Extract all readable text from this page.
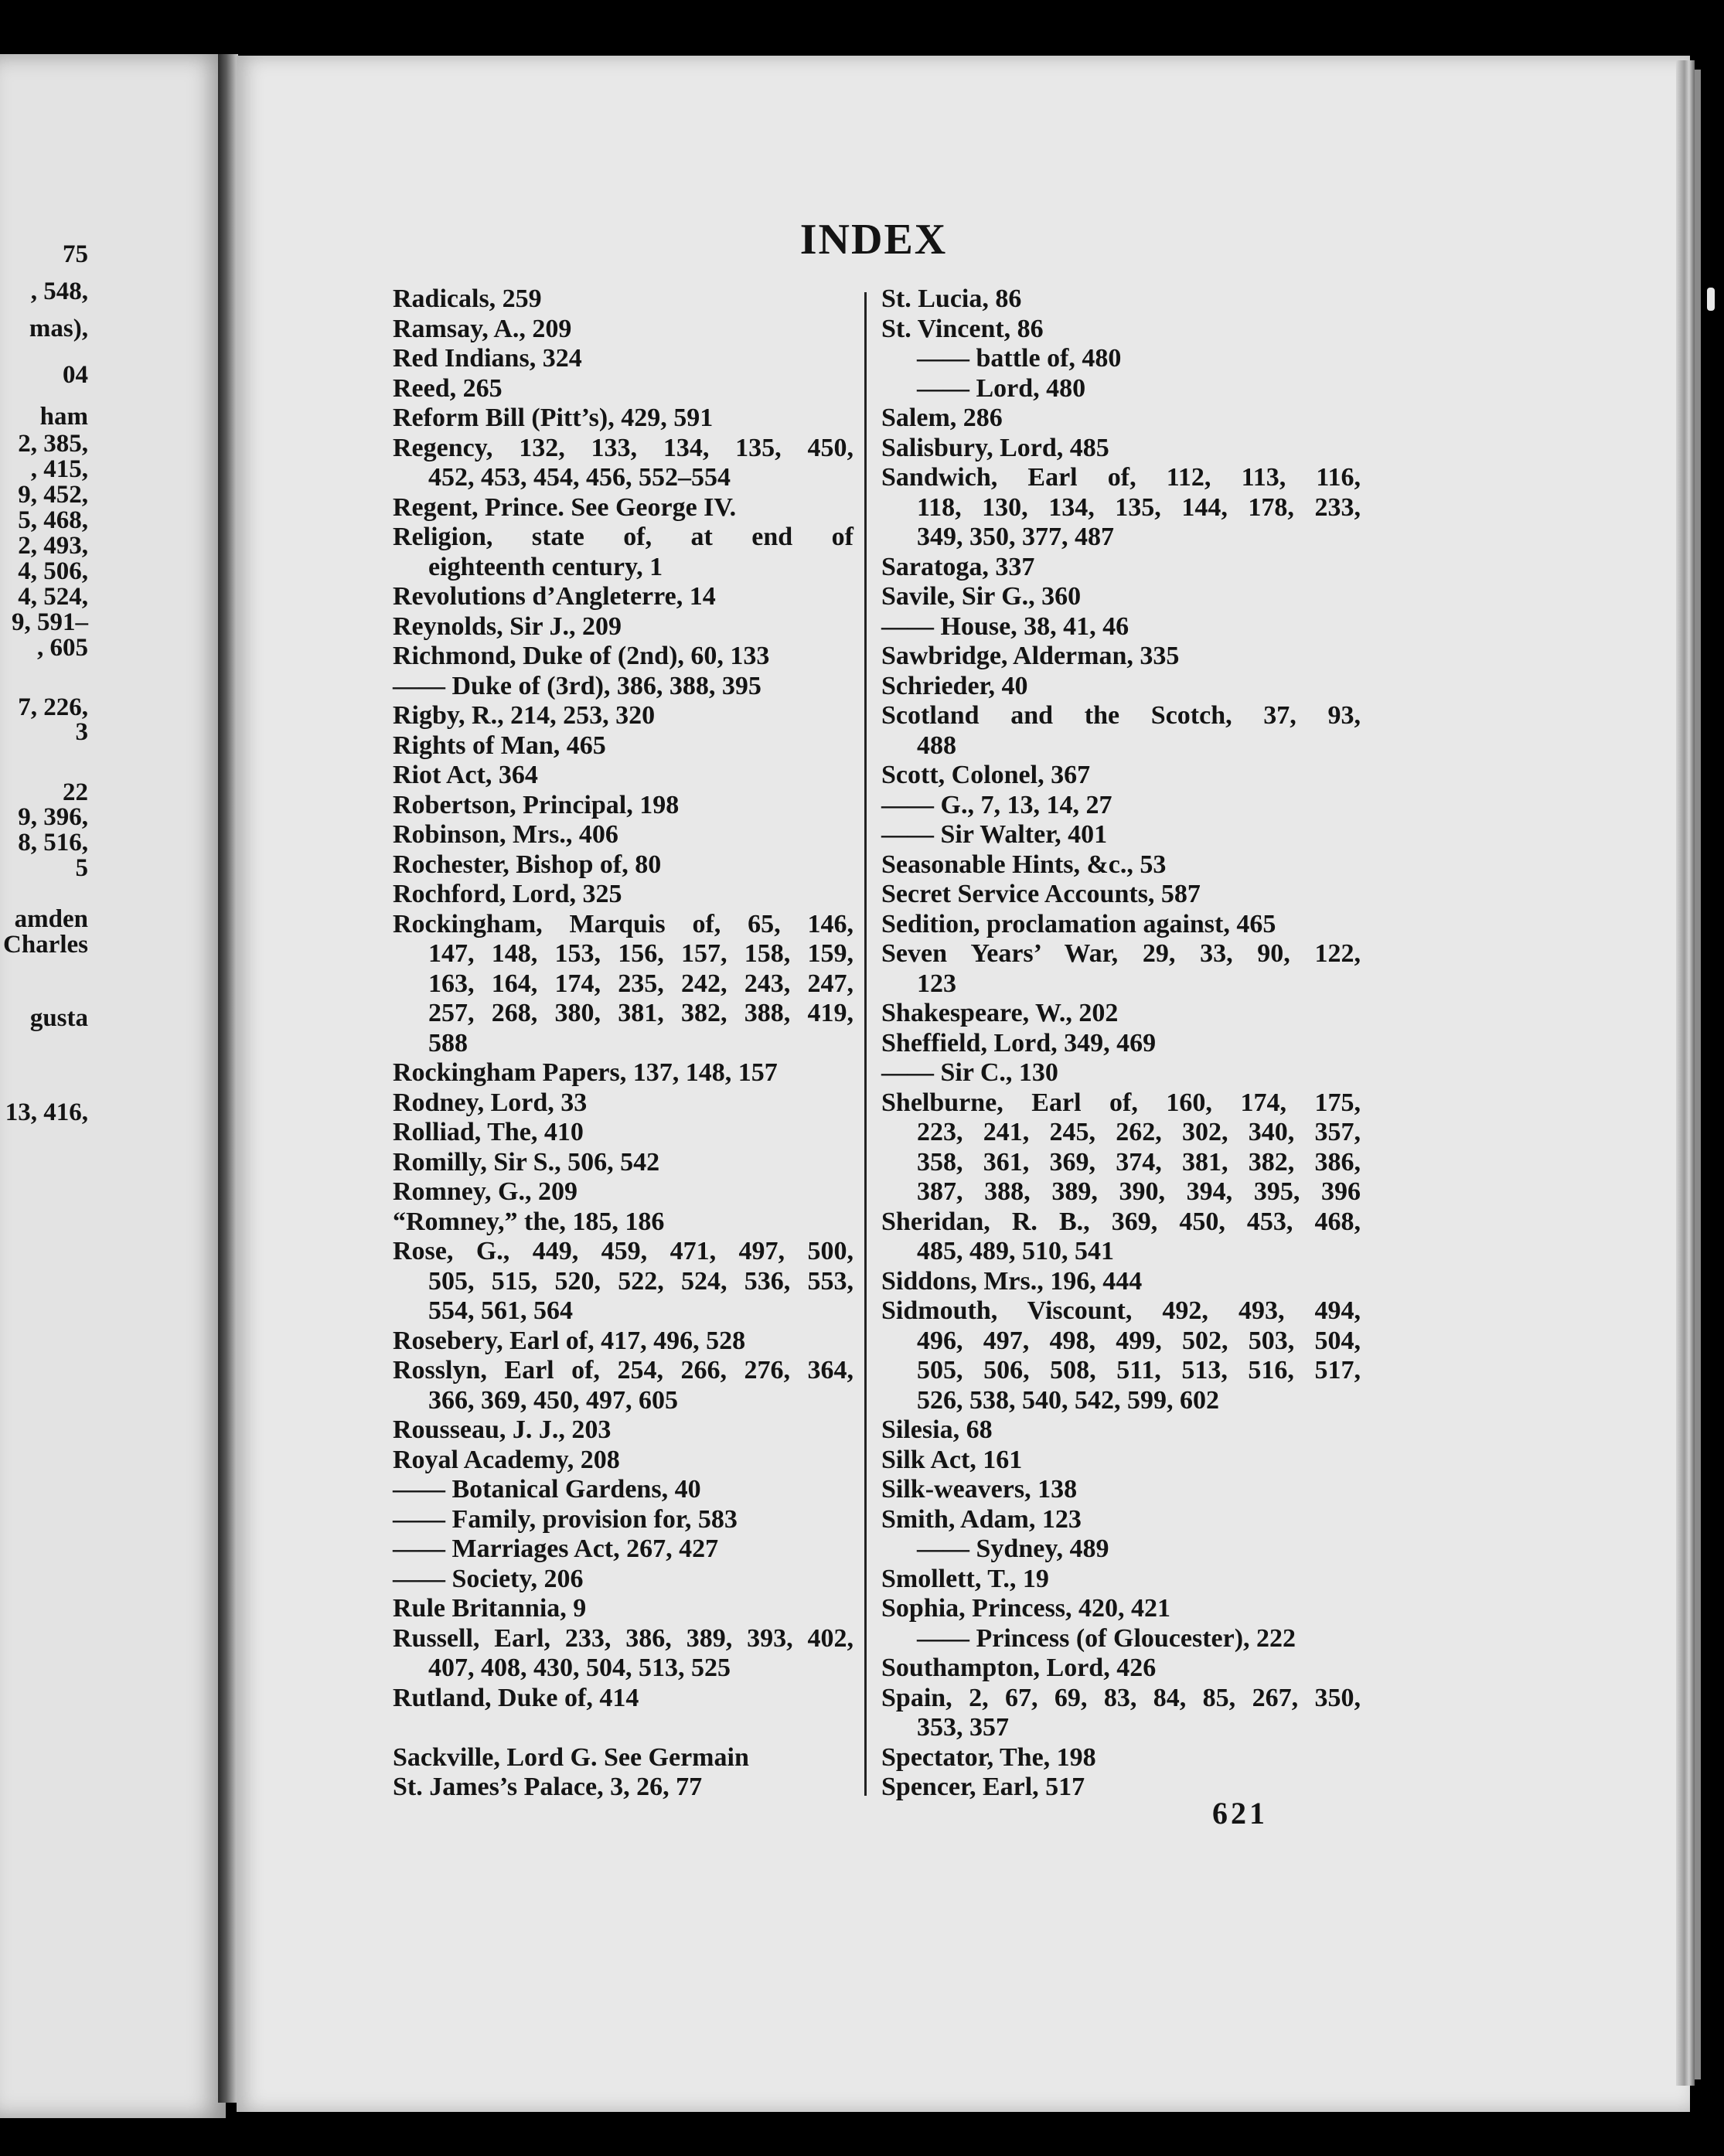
75
, 548,
mas),
04
ham
2, 385,
, 415,
9, 452,
5, 468,
2, 493,
4, 506,
4, 524,
9, 591–
, 605
7, 226,
3
22
9, 396,
8, 516,
5
amden
Charles
gusta
13, 416,
INDEX
Radicals, 259
Ramsay, A., 209
Red Indians, 324
Reed, 265
Reform Bill (Pitt’s), 429, 591
Regency, 132, 133, 134, 135, 450,
452, 453, 454, 456, 552–554
Regent, Prince. See George IV.
Religion, state of, at end of
eighteenth century, 1
Revolutions d’Angleterre, 14
Reynolds, Sir J., 209
Richmond, Duke of (2nd), 60, 133
—— Duke of (3rd), 386, 388, 395
Rigby, R., 214, 253, 320
Rights of Man, 465
Riot Act, 364
Robertson, Principal, 198
Robinson, Mrs., 406
Rochester, Bishop of, 80
Rochford, Lord, 325
Rockingham, Marquis of, 65, 146,
147, 148, 153, 156, 157, 158, 159,
163, 164, 174, 235, 242, 243, 247,
257, 268, 380, 381, 382, 388, 419,
588
Rockingham Papers, 137, 148, 157
Rodney, Lord, 33
Rolliad, The, 410
Romilly, Sir S., 506, 542
Romney, G., 209
“Romney,” the, 185, 186
Rose, G., 449, 459, 471, 497, 500,
505, 515, 520, 522, 524, 536, 553,
554, 561, 564
Rosebery, Earl of, 417, 496, 528
Rosslyn, Earl of, 254, 266, 276, 364,
366, 369, 450, 497, 605
Rousseau, J. J., 203
Royal Academy, 208
—— Botanical Gardens, 40
—— Family, provision for, 583
—— Marriages Act, 267, 427
—— Society, 206
Rule Britannia, 9
Russell, Earl, 233, 386, 389, 393, 402,
407, 408, 430, 504, 513, 525
Rutland, Duke of, 414
Sackville, Lord G. See Germain
St. James’s Palace, 3, 26, 77
St. Lucia, 86
St. Vincent, 86
—— battle of, 480
—— Lord, 480
Salem, 286
Salisbury, Lord, 485
Sandwich, Earl of, 112, 113, 116,
118, 130, 134, 135, 144, 178, 233,
349, 350, 377, 487
Saratoga, 337
Savile, Sir G., 360
—— House, 38, 41, 46
Sawbridge, Alderman, 335
Schrieder, 40
Scotland and the Scotch, 37, 93,
488
Scott, Colonel, 367
—— G., 7, 13, 14, 27
—— Sir Walter, 401
Seasonable Hints, &c., 53
Secret Service Accounts, 587
Sedition, proclamation against, 465
Seven Years’ War, 29, 33, 90, 122,
123
Shakespeare, W., 202
Sheffield, Lord, 349, 469
—— Sir C., 130
Shelburne, Earl of, 160, 174, 175,
223, 241, 245, 262, 302, 340, 357,
358, 361, 369, 374, 381, 382, 386,
387, 388, 389, 390, 394, 395, 396
Sheridan, R. B., 369, 450, 453, 468,
485, 489, 510, 541
Siddons, Mrs., 196, 444
Sidmouth, Viscount, 492, 493, 494,
496, 497, 498, 499, 502, 503, 504,
505, 506, 508, 511, 513, 516, 517,
526, 538, 540, 542, 599, 602
Silesia, 68
Silk Act, 161
Silk-weavers, 138
Smith, Adam, 123
—— Sydney, 489
Smollett, T., 19
Sophia, Princess, 420, 421
—— Princess (of Gloucester), 222
Southampton, Lord, 426
Spain, 2, 67, 69, 83, 84, 85, 267, 350,
353, 357
Spectator, The, 198
Spencer, Earl, 517
621
